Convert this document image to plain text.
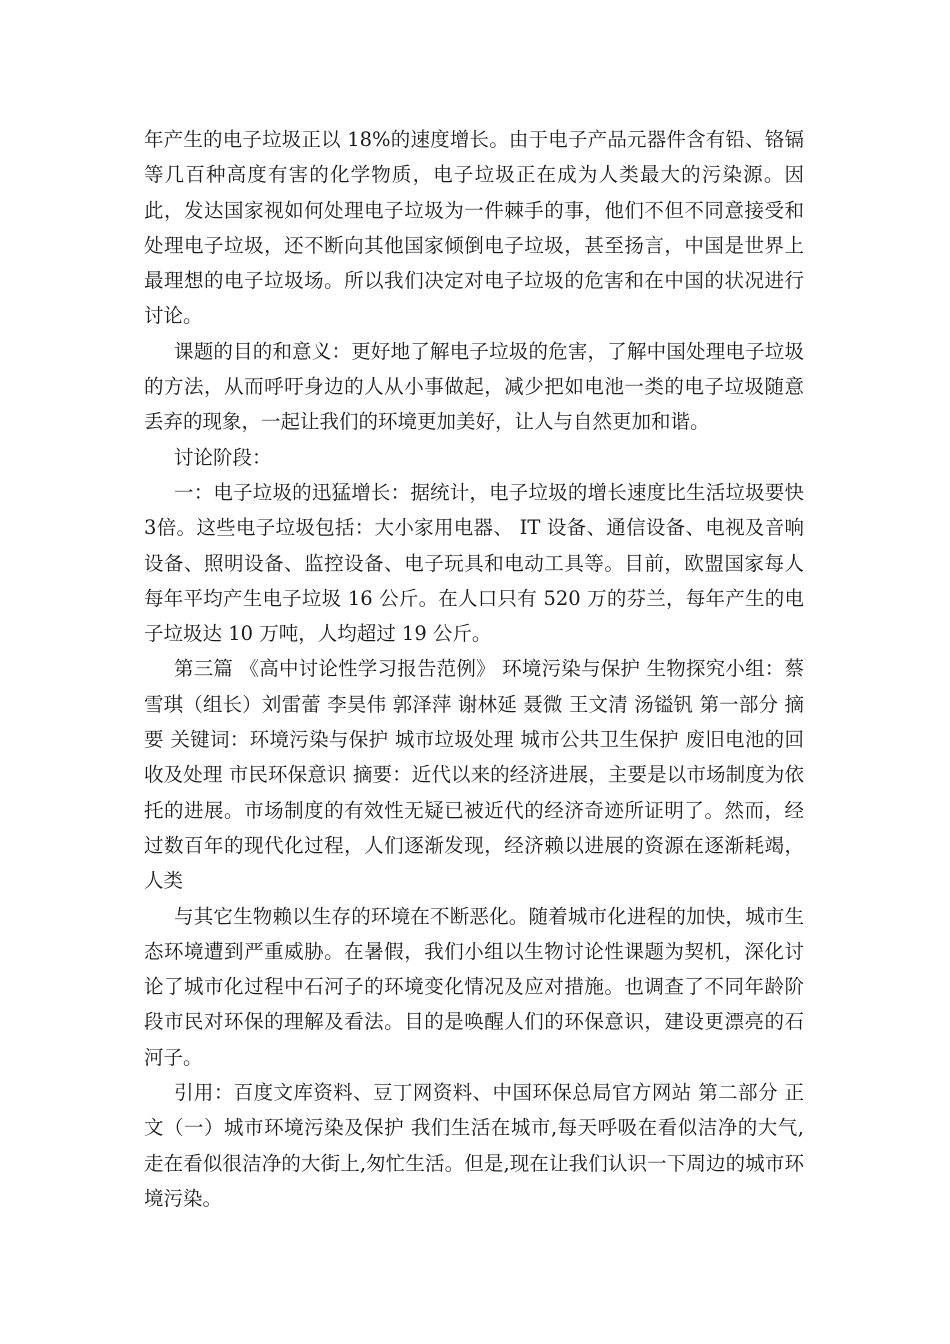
年产生的电子垃圾正以 18%的速度增长。由于电子产品元器件含有铅、铬镉等几百种高度有害的化学物质，电子垃圾正在成为人类最大的污染源。因此，发达国家视如何处理电子垃圾为一件棘手的事，他们不但不同意接受和处理电子垃圾，还不断向其他国家倾倒电子垃圾，甚至扬言，中国是世界上最理想的电子垃圾场。所以我们决定对电子垃圾的危害和在中国的状况进行讨论。

课题的目的和意义：更好地了解电子垃圾的危害，了解中国处理电子垃圾的方法，从而呼吁身边的人从小事做起，减少把如电池一类的电子垃圾随意丢弃的现象，一起让我们的环境更加美好，让人与自然更加和谐。

讨论阶段：

一：电子垃圾的迅猛增长：据统计，电子垃圾的增长速度比生活垃圾要快 3倍。这些电子垃圾包括：大小家用电器、 IT 设备、通信设备、电视及音响设备、照明设备、监控设备、电子玩具和电动工具等。目前，欧盟国家每人每年平均产生电子垃圾 16 公斤。在人口只有 520 万的芬兰，每年产生的电子垃圾达 10 万吨，人均超过 19 公斤。

第三篇 《高中讨论性学习报告范例》 环境污染与保护 生物探究小组：蔡雪琪（组长）刘雷蕾 李昊伟 郭泽萍 谢林延 聂微 王文清 汤镒钒 第一部分 摘要 关键词：环境污染与保护 城市垃圾处理 城市公共卫生保护 废旧电池的回收及处理 市民环保意识 摘要：近代以来的经济进展，主要是以市场制度为依托的进展。市场制度的有效性无疑已被近代的经济奇迹所证明了。然而，经过数百年的现代化过程，人们逐渐发现，经济赖以进展的资源在逐渐耗竭，人类

与其它生物赖以生存的环境在不断恶化。随着城市化进程的加快，城市生态环境遭到严重威胁。在暑假，我们小组以生物讨论性课题为契机，深化讨论了城市化过程中石河子的环境变化情况及应对措施。也调查了不同年龄阶段市民对环保的理解及看法。目的是唤醒人们的环保意识，建设更漂亮的石河子。

引用：百度文库资料、豆丁网资料、中国环保总局官方网站 第二部分 正文（一）城市环境污染及保护 我们生活在城市,每天呼吸在看似洁净的大气,走在看似很洁净的大街上,匆忙生活。但是,现在让我们认识一下周边的城市环境污染。
